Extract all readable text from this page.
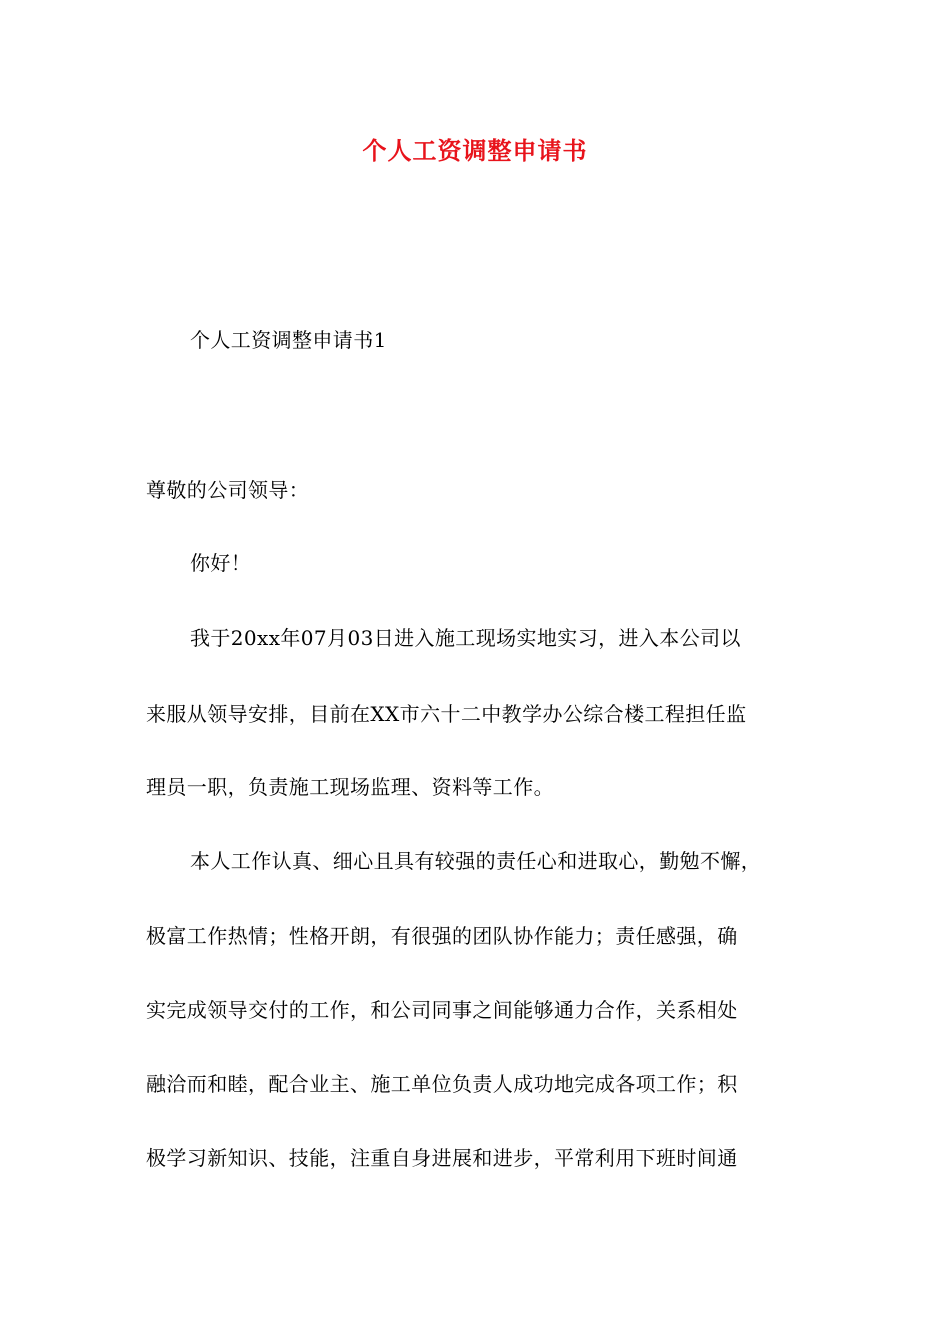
个人工资调整申请书
个人工资调整申请书1
尊敬的公司领导：
你好！
我于20xx年07月03日进入施工现场实地实习，进入本公司以
来服从领导安排，目前在XX市六十二中教学办公综合楼工程担任监
理员一职，负责施工现场监理、资料等工作。
本人工作认真、细心且具有较强的责任心和进取心，勤勉不懈，
极富工作热情；性格开朗，有很强的团队协作能力；责任感强，确
实完成领导交付的工作，和公司同事之间能够通力合作，关系相处
融洽而和睦，配合业主、施工单位负责人成功地完成各项工作；积
极学习新知识、技能，注重自身进展和进步，平常利用下班时间通
